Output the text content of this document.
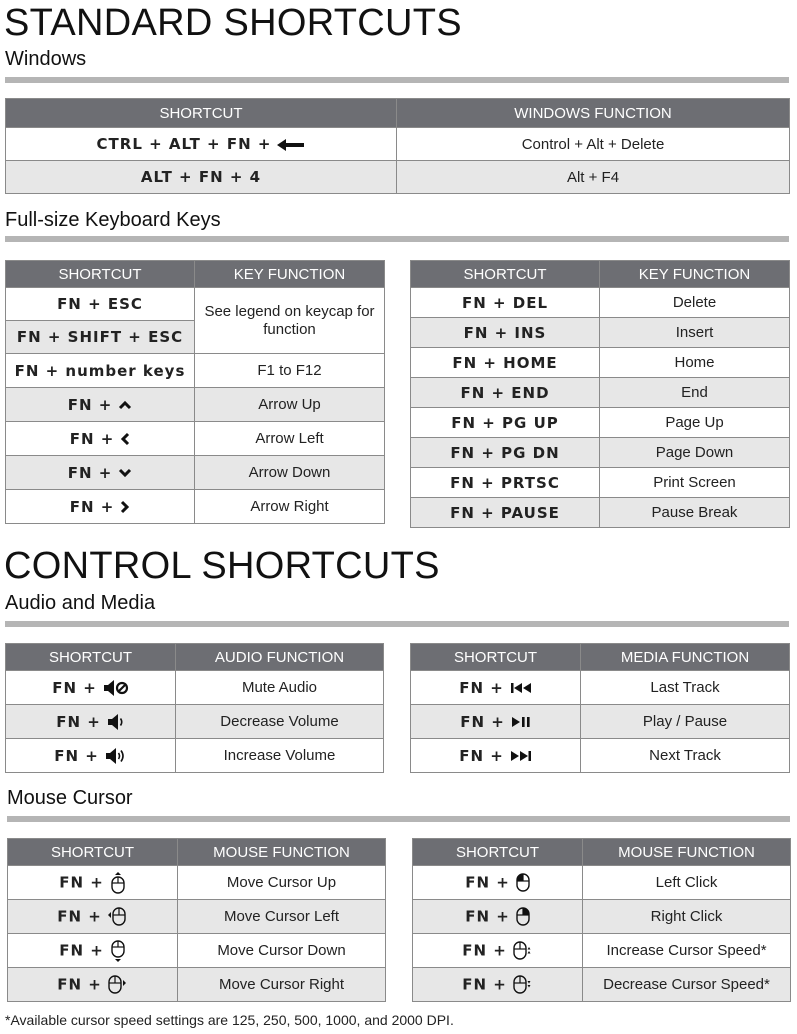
STANDARD SHORTCUTS
Windows
SHORTCUT	WINDOWS FUNCTION
CTRL + ALT + FN +	Control + Alt + Delete
ALT + FN + 4	Alt + F4
Full-size Keyboard Keys
SHORTCUT	KEY FUNCTION
FN + ESC	See legend on keycap for function
FN + SHIFT + ESC	
FN + number keys	F1 to F12
FN +	Arrow Up
FN +	Arrow Left
FN +	Arrow Down
FN +	Arrow Right
SHORTCUT	KEY FUNCTION
FN + DEL	Delete
FN + INS	Insert
FN + HOME	Home
FN + END	End
FN + PG UP	Page Up
FN + PG DN	Page Down
FN + PRTSC	Print Screen
FN + PAUSE	Pause Break
CONTROL SHORTCUTS
Audio and Media
SHORTCUT	AUDIO FUNCTION
FN +	Mute Audio
FN +	Decrease Volume
FN +	Increase Volume
SHORTCUT	MEDIA FUNCTION
FN +	Last Track
FN +	Play / Pause
FN +	Next Track
Mouse Cursor
SHORTCUT	MOUSE FUNCTION
FN +	Move Cursor Up
FN +	Move Cursor Left
FN +	Move Cursor Down
FN +	Move Cursor Right
SHORTCUT	MOUSE FUNCTION
FN +	Left Click
FN +	Right Click
FN +	Increase Cursor Speed*
FN +	Decrease Cursor Speed*
*Available cursor speed settings are 125, 250, 500, 1000, and 2000 DPI.
